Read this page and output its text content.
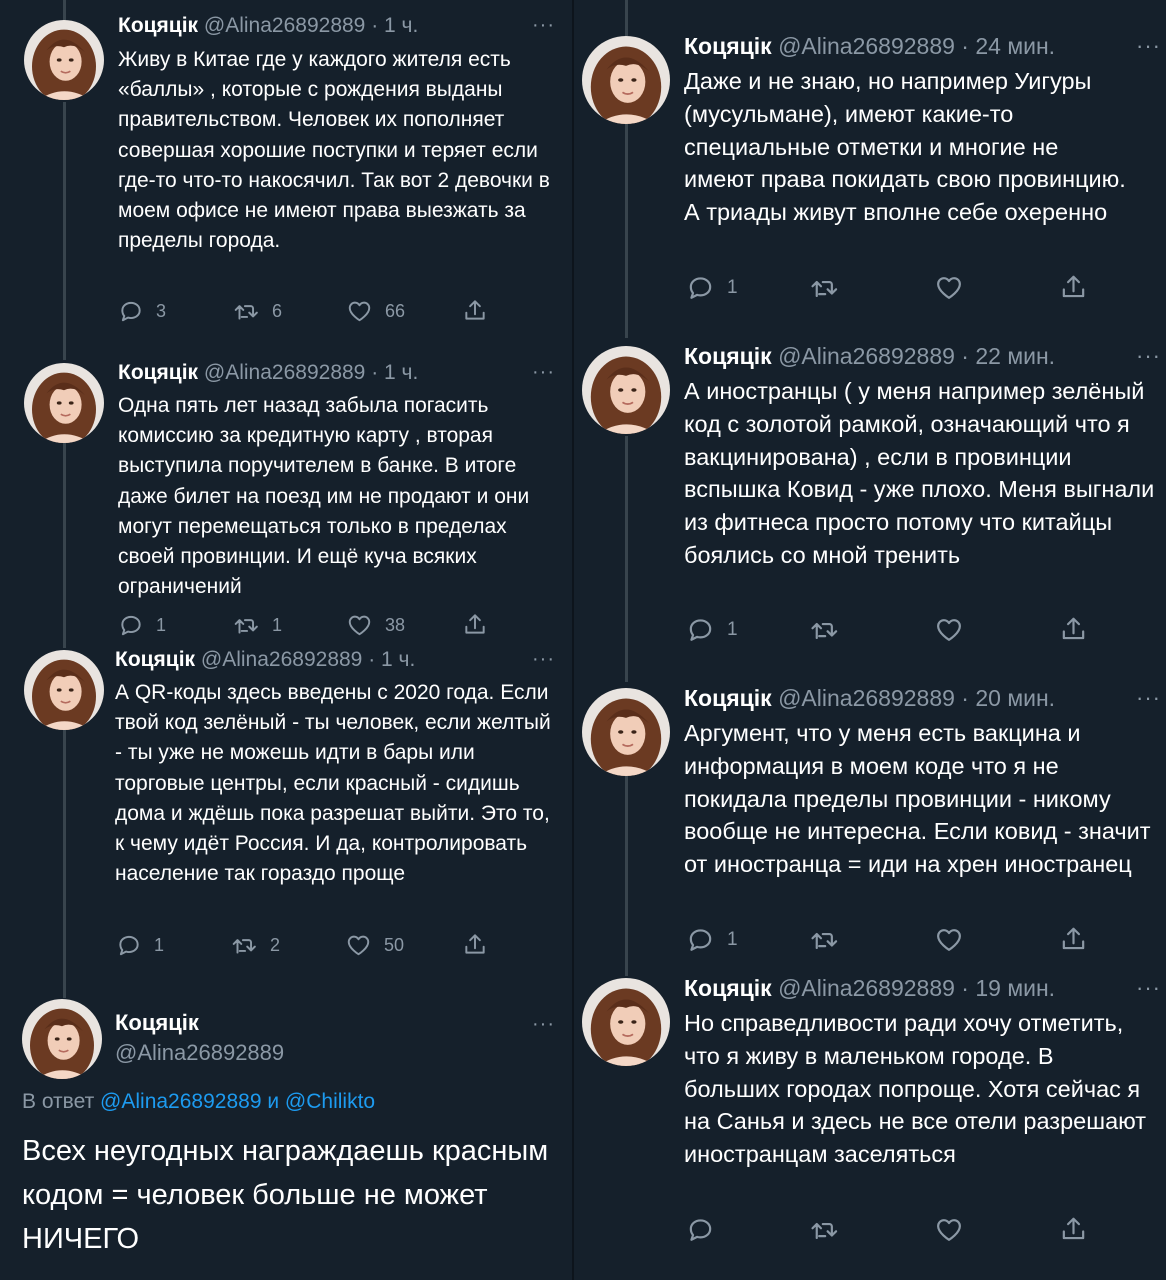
Коцяцік @Alina26892889 · 1 ч.	···
Живу в Китае где у каждого жителя есть «баллы» , которые с рождения выданы правительством. Человек их пополняет совершая хорошие поступки и теряет если где-то что-то накосячил. Так вот 2 девочки в моем офисе не имеют права выезжать за пределы города.
3	6	66
Коцяцік @Alina26892889 · 1 ч.	···
Одна пять лет назад забыла погасить комиссию за кредитную карту , вторая выступила поручителем в банке. В итоге даже билет на поезд им не продают и они могут перемещаться только в пределах своей провинции. И ещё куча всяких ограничений
1	1	38
Коцяцік @Alina26892889 · 1 ч.	···
А QR-коды здесь введены с 2020 года. Если твой код зелёный - ты человек, если желтый - ты уже не можешь идти в бары или торговые центры, если красный - сидишь дома и ждёшь пока разрешат выйти. Это то, к чему идёт Россия. И да, контролировать население так гораздо проще
1	2	50
Коцяцік
@Alina26892889
···
В ответ @Alina26892889 и @Chilikto
Всех неугодных награждаешь красным кодом = человек больше не может НИЧЕГО
Коцяцік @Alina26892889 · 24 мин.	···
Даже и не знаю, но например Уигуры (мусульмане), имеют какие-то специальные отметки и многие не имеют права покидать свою провинцию. А триады живут вполне себе охеренно
1
Коцяцік @Alina26892889 · 22 мин.	···
А иностранцы ( у меня например зелёный код с золотой рамкой, означающий что я вакцинирована) , если в провинции вспышка Ковид - уже плохо. Меня выгнали из фитнеса просто потому что китайцы боялись со мной тренить
1
Коцяцік @Alina26892889 · 20 мин.	···
Аргумент, что у меня есть вакцина и информация в моем коде что я не покидала пределы провинции - никому вообще не интересна. Если ковид - значит от иностранца = иди на хрен иностранец
1
Коцяцік @Alina26892889 · 19 мин.	···
Но справедливости ради хочу отметить, что я живу в маленьком городе. В больших городах попроще. Хотя сейчас я на Санья и здесь не все отели разрешают иностранцам заселяться
